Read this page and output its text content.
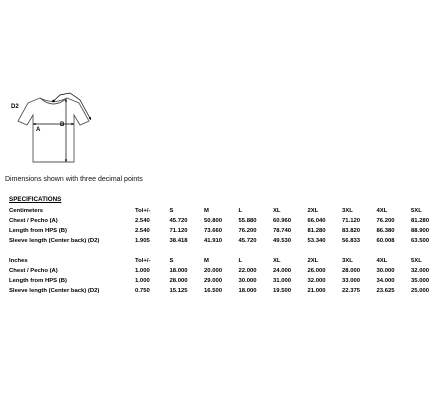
D2
A
B
Dimensions shown with three decimal points
SPECIFICATIONS
Centimeters	Tol+/-	S	M	L	XL	2XL	3XL	4XL	5XL
Chest / Pecho (A)	2.540	45.720	50.800	55.880	60.960	66.040	71.120	76.200	81.280
Length from HPS (B)	2.540	71.120	73.660	76.200	78.740	81.280	83.820	86.380	88.900
Sleeve length (Center back) (D2)	1.905	38.418	41.910	45.720	49.530	53.340	56.833	60.008	63.500

Inches	Tol+/-	S	M	L	XL	2XL	3XL	4XL	5XL
Chest / Pecho (A)	1.000	18.000	20.000	22.000	24.000	26.000	28.000	30.000	32.000
Length from HPS (B)	1.000	28.000	29.000	30.000	31.000	32.000	33.000	34.000	35.000
Sleeve length (Center back) (D2)	0.750	15.125	16.500	18.000	19.500	21.000	22.375	23.625	25.000
